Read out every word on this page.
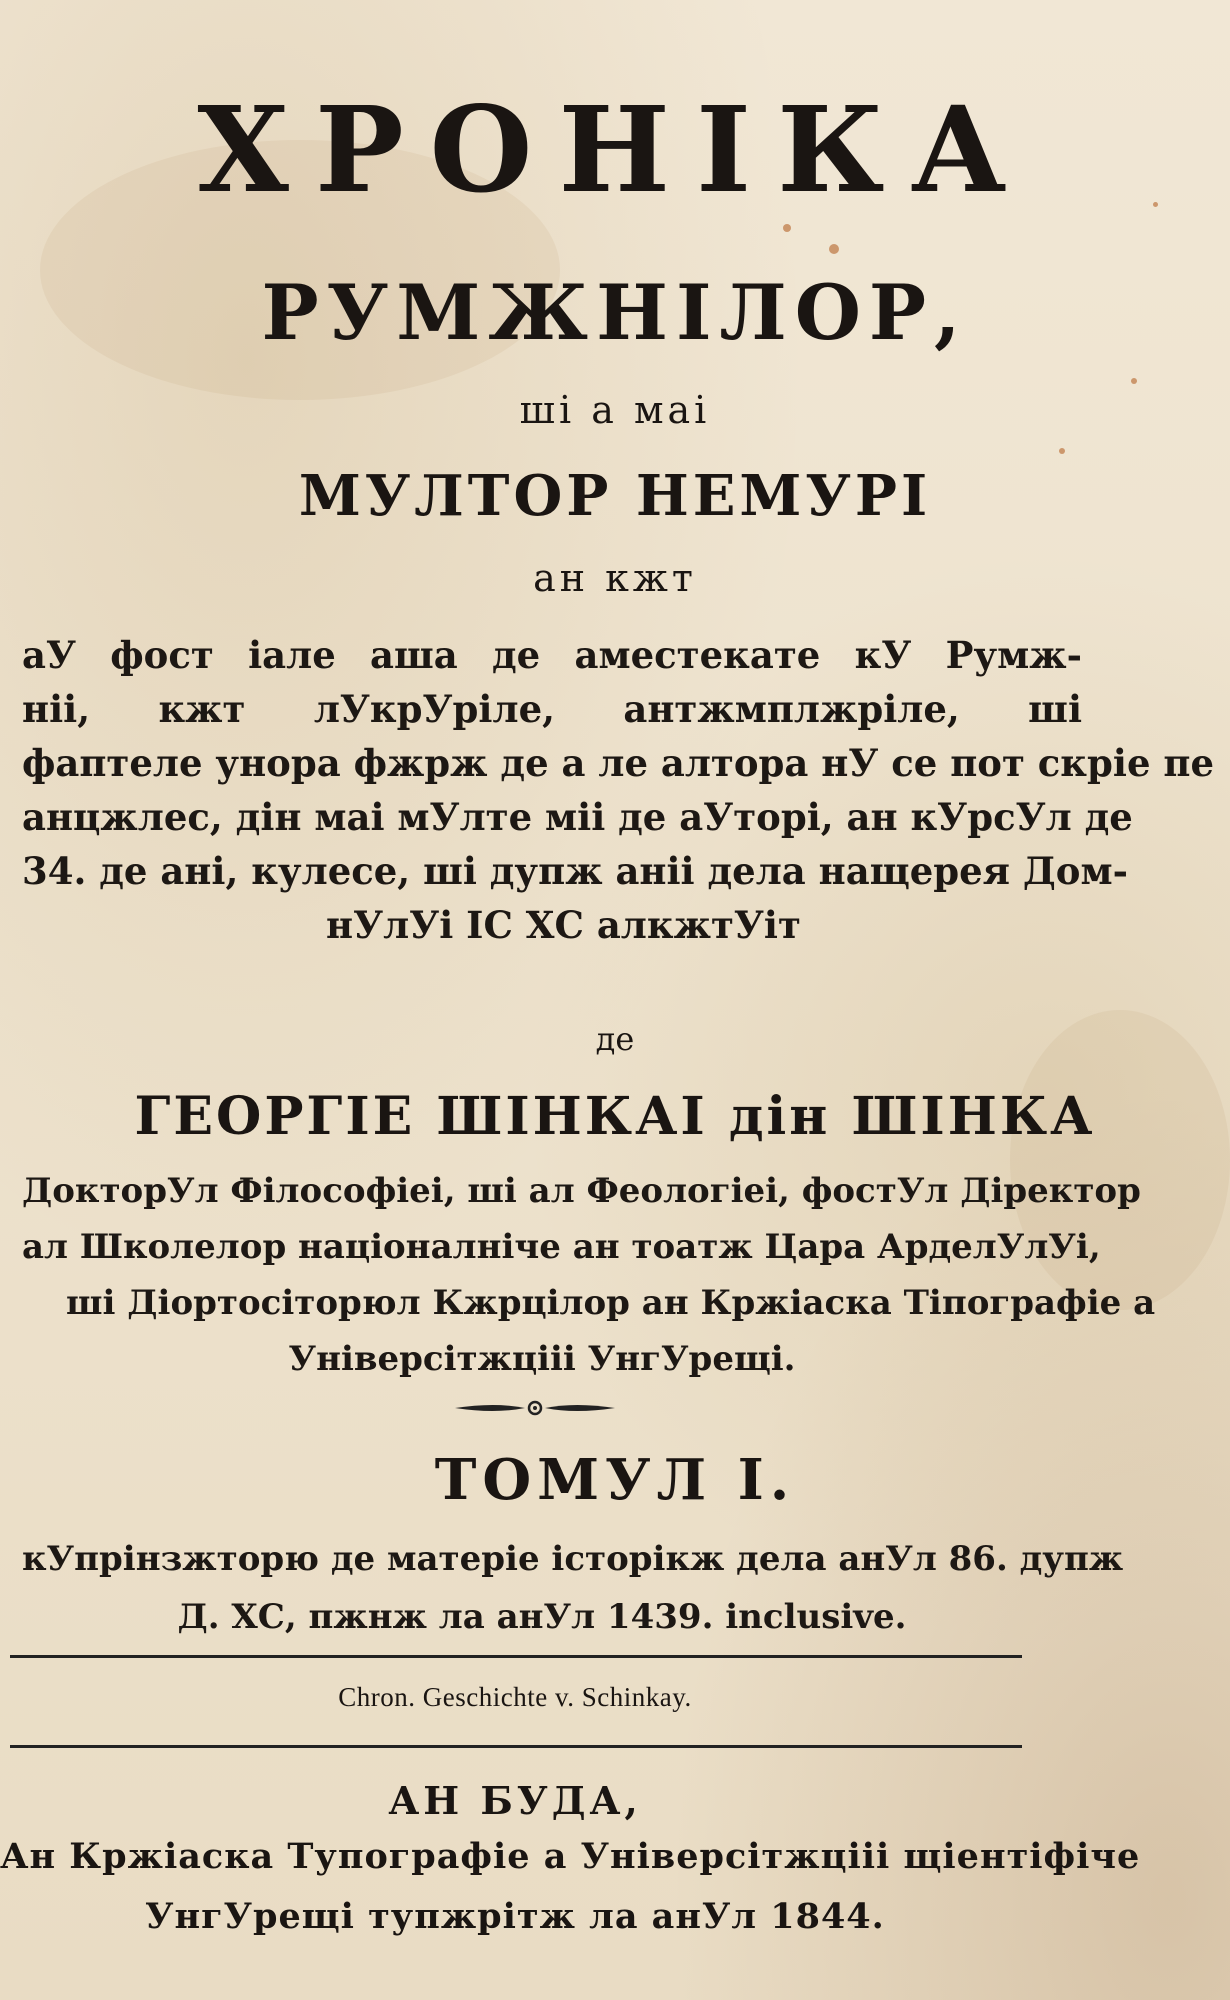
ХРОНІКА
РУМЖНІЛОР,
ші а маі
МУЛТОР НЕМУРІ
ан кжт
аУ фост іале аша де аместекате кУ Румж-
ніі, кжт лУкрУріле, антжмплжріле, ші
фаптеле унора фжрж де а ле алтора нУ се пот скріе пе
анцжлес, дін маі мУлте міі де аУторі, ан кУрсУл де
34. де ані, кулесе, ші дупж аніі дела нащерея Дом-
нУлУі ІС ХС алкжтУіт
де
ГЕОРГІЕ ШІНКАІ дін ШІНКА
ДокторУл Філософіеі, ші ал Феологіеі, фостУл Діректор
ал Школелор націоналніче ан тоатж Цара АрделУлУі,
ші Діортосіторюл Кжрцілор ан Кржіаска Тіпографіе а
Універсітжцііі УнгУрещі.
ТОМУЛ І.
кУпрінзжторю де матеріе історікж дела анУл 86. дупж
Д. ХС, пжнж ла анУл 1439. inclusive.
Chron. Geschichte v. Schinkay.
АН БУДА,
Ан Кржіаска Тупографіе а Універсітжцііі щіентіфіче
УнгУрещі тупжрітж ла анУл 1844.
